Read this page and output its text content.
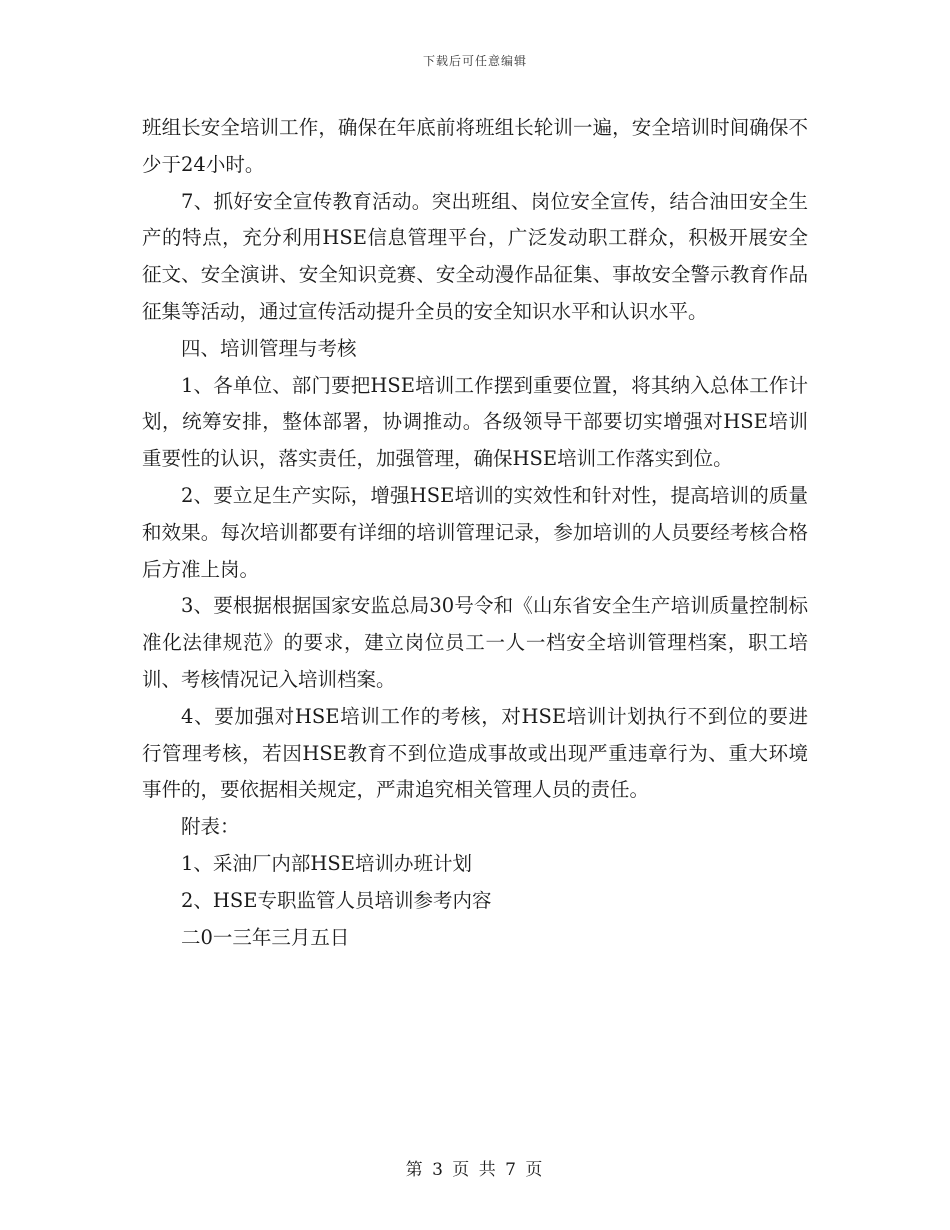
下载后可任意编辑

班组长安全培训工作，确保在年底前将班组长轮训一遍，安全培训时间确保不少于24小时。

7、抓好安全宣传教育活动。突出班组、岗位安全宣传，结合油田安全生产的特点，充分利用HSE信息管理平台，广泛发动职工群众，积极开展安全征文、安全演讲、安全知识竞赛、安全动漫作品征集、事故安全警示教育作品征集等活动，通过宣传活动提升全员的安全知识水平和认识水平。

四、培训管理与考核

1、各单位、部门要把HSE培训工作摆到重要位置，将其纳入总体工作计划，统筹安排，整体部署，协调推动。各级领导干部要切实增强对HSE培训重要性的认识，落实责任，加强管理，确保HSE培训工作落实到位。

2、要立足生产实际，增强HSE培训的实效性和针对性，提高培训的质量和效果。每次培训都要有详细的培训管理记录，参加培训的人员要经考核合格后方准上岗。

3、要根据根据国家安监总局30号令和《山东省安全生产培训质量控制标准化法律规范》的要求，建立岗位员工一人一档安全培训管理档案，职工培训、考核情况记入培训档案。

4、要加强对HSE培训工作的考核，对HSE培训计划执行不到位的要进行管理考核，若因HSE教育不到位造成事故或出现严重违章行为、重大环境事件的，要依据相关规定，严肃追究相关管理人员的责任。

附表：

1、采油厂内部HSE培训办班计划

2、HSE专职监管人员培训参考内容

二0一三年三月五日

第 3 页 共 7 页
